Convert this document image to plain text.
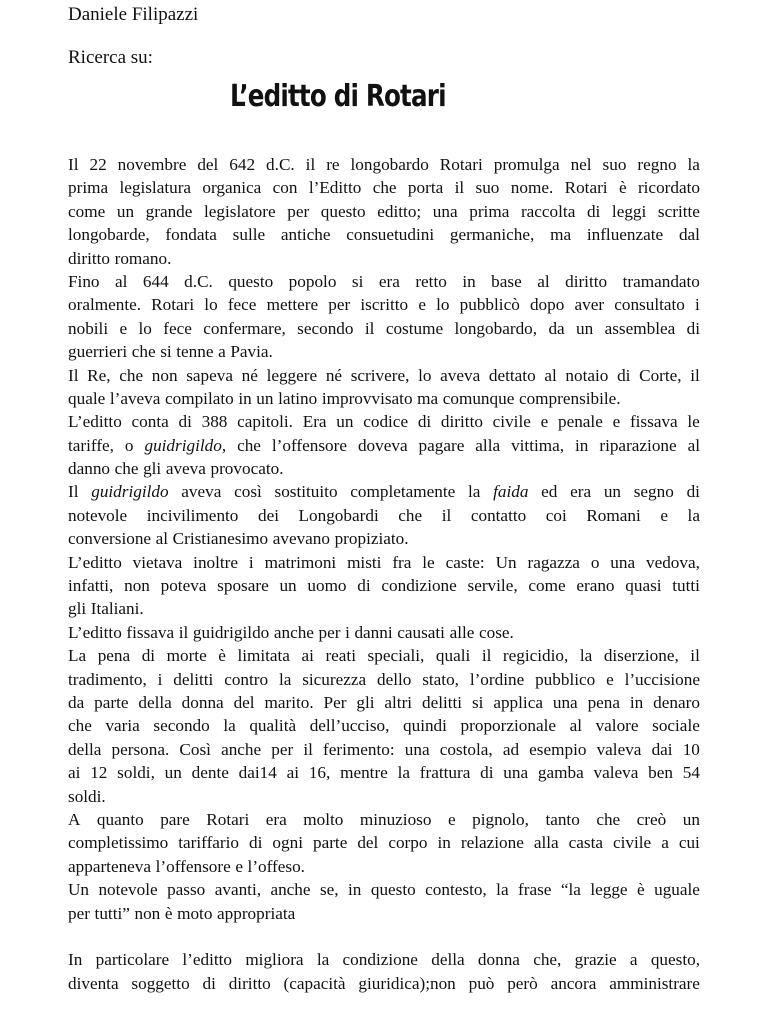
Daniele Filipazzi
Ricerca su:
L’editto di Rotari
Il 22 novembre del 642 d.C. il re longobardo Rotari promulga nel suo regno la
prima legislatura organica con l’Editto che porta il suo nome. Rotari è ricordato
come un grande legislatore per questo editto; una prima raccolta di leggi scritte
longobarde, fondata sulle antiche consuetudini germaniche, ma influenzate dal
diritto romano.
Fino al 644 d.C. questo popolo si era retto in base al diritto tramandato
oralmente. Rotari lo fece mettere per iscritto e lo pubblicò dopo aver consultato i
nobili e lo fece confermare, secondo il costume longobardo, da un assemblea di
guerrieri che si tenne a Pavia.
Il Re, che non sapeva né leggere né scrivere, lo aveva dettato al notaio di Corte, il
quale l’aveva compilato in un latino improvvisato ma comunque comprensibile.
L’editto conta di 388 capitoli. Era un codice di diritto civile e penale e fissava le
tariffe, o guidrigildo, che l’offensore doveva pagare alla vittima, in riparazione al
danno che gli aveva provocato.
Il guidrigildo aveva così sostituito completamente la faida ed era un segno di
notevole incivilimento dei Longobardi che il contatto coi Romani e la
conversione al Cristianesimo avevano propiziato.
L’editto vietava inoltre i matrimoni misti fra le caste: Un ragazza o una vedova,
infatti, non poteva sposare un uomo di condizione servile, come erano quasi tutti
gli Italiani.
L’editto fissava il guidrigildo anche per i danni causati alle cose.
La pena di morte è limitata ai reati speciali, quali il regicidio, la diserzione, il
tradimento, i delitti contro la sicurezza dello stato, l’ordine pubblico e l’uccisione
da parte della donna del marito. Per gli altri delitti si applica una pena in denaro
che varia secondo la qualità dell’ucciso, quindi proporzionale al valore sociale
della persona. Così anche per il ferimento: una costola, ad esempio valeva dai 10
ai 12 soldi, un dente dai14 ai 16, mentre la frattura di una gamba valeva ben 54
soldi.
A quanto pare Rotari era molto minuzioso e pignolo, tanto che creò un
completissimo tariffario di ogni parte del corpo in relazione alla casta civile a cui
apparteneva l’offensore e l’offeso.
Un notevole passo avanti, anche se, in questo contesto, la frase “la legge è uguale
per tutti” non è moto appropriata
In particolare l’editto migliora la condizione della donna che, grazie a questo,
diventa soggetto di diritto (capacità giuridica);non può però ancora amministrare
